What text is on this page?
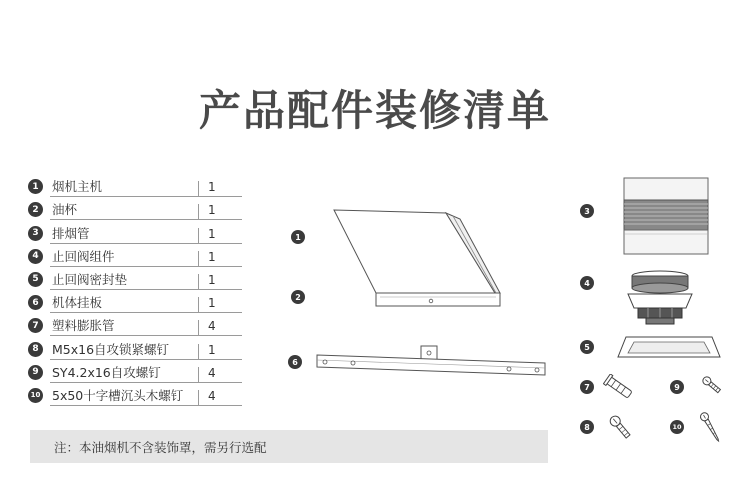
产品配件装修清单
1	烟机主机	1
2	油杯	1
3	排烟管	1
4	止回阀组件	1
5	止回阀密封垫	1
6	机体挂板	1
7	塑料膨胀管	4
8	M5x16自攻锁紧螺钉	1
9	SY4.2x16自攻螺钉	4
10 5x50十字槽沉头木螺钉	4
注：本油烟机不含装饰罩，需另行选配
1
2
6
3
4
5
7	9
8	10
